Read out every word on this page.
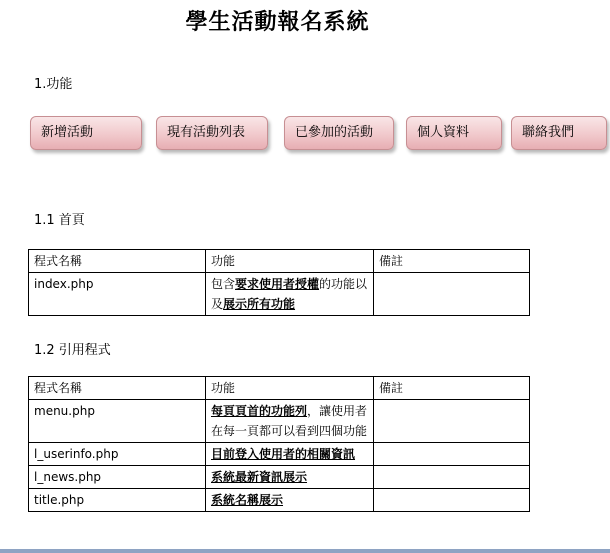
學生活動報名系統
1.功能
新增活動	現有活動列表	已參加的活動	個人資料	聯絡我們
1.1 首頁
程式名稱	功能	備註
index.php	包含要求使用者授權的功能以及展示所有功能	
1.2 引用程式
程式名稱	功能	備註
menu.php	每頁頁首的功能列，讓使用者在每一頁都可以看到四個功能	
l_userinfo.php	目前登入使用者的相關資訊	
l_news.php	系統最新資訊展示	
title.php	系統名稱展示	
